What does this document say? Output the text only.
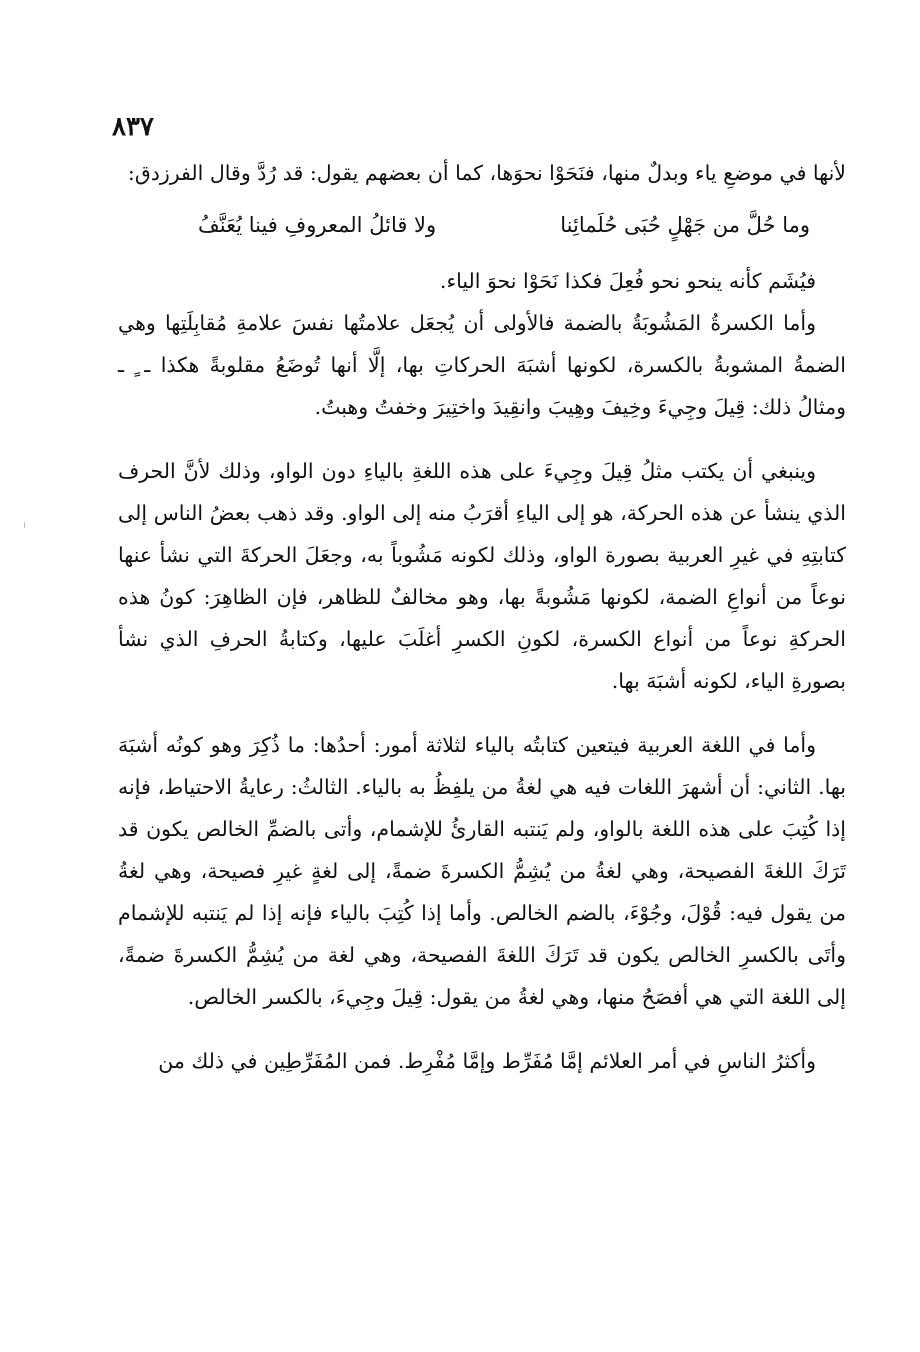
٨٣٧

لأنها في موضعِ ياء وبدلٌ منها، فنَحَوْا نحوَها، كما أن بعضهم يقول: قد رُدَّ وقال الفرزدق:

وما حُلَّ من جَهْلٍ حُبَى حُلَمائِنا
ولا قائلُ المعروفِ فينا يُعَنَّفُ

فيُشَم كأنه ينحو نحو فُعِلَ فكذا نَحَوْا نحوَ الياء.

وأما الكسرةُ المَشُوبَةُ بالضمة فالأولى أن يُجعَل علامتُها نفسَ علامةِ مُقابِلَتِها وهي الضمةُ المشوبةُ بالكسرة، لكونها أشبَهَ الحركاتِ بها، إلَّا أنها تُوضَعُ مقلوبةً هكذا ـ ٍ ـ ومثالُ ذلك: قِيلَ وجِيءَ وخِيفَ وهِيبَ وانقِيدَ واختِيرَ وخفتُ وهبتُ.

وينبغي أن يكتب مثلُ قِيلَ وجِيءَ على هذه اللغةِ بالياءِ دون الواو، وذلك لأنَّ الحرف الذي ينشأ عن هذه الحركة، هو إلى الياءِ أقرَبُ منه إلى الواو. وقد ذهب بعضُ الناس إلى كتابتِهِ في غيرِ العربية بصورة الواو، وذلك لكونه مَشُوباً به، وجعَلَ الحركةَ التي نشأ عنها نوعاً من أنواعِ الضمة، لكونها مَشُوبةً بها، وهو مخالفٌ للظاهر، فإن الظاهِرَ: كونُ هذه الحركةِ نوعاً من أنواع الكسرة، لكونِ الكسرِ أغلَبَ عليها، وكتابةُ الحرفِ الذي نشأ بصورةِ الياء، لكونه أشبَهَ بها.

وأما في اللغة العربية فيتعين كتابتُه بالياء لثلاثة أمور: أحدُها: ما ذُكِرَ وهو كونُه أشبَهَ بها. الثاني: أن أشهرَ اللغات فيه هي لغةُ من يلفِظُ به بالياء. الثالثُ: رعايةُ الاحتياط، فإنه إذا كُتِبَ على هذه اللغة بالواو، ولم يَنتبه القارئُ للإشمام، وأتى بالضمِّ الخالص يكون قد تَرَكَ اللغةَ الفصيحة، وهي لغةُ من يُشِمُّ الكسرةَ ضمةً، إلى لغةٍ غيرِ فصيحة، وهي لغةُ من يقول فيه: قُوْلَ، وجُوْءَ، بالضم الخالص. وأما إذا كُتِبَ بالياء فإنه إذا لم يَنتبه للإشمام وأتَى بالكسرِ الخالص يكون قد تَرَكَ اللغةَ الفصيحة، وهي لغة من يُشِمُّ الكسرةَ ضمةً، إلى اللغة التي هي أفصَحُ منها، وهي لغةُ من يقول: قِيلَ وجِيءَ، بالكسر الخالص.

وأكثرُ الناسِ في أمر العلائم إمَّا مُفَرِّط وإمَّا مُفْرِط. فمن المُفَرِّطِين في ذلك من
